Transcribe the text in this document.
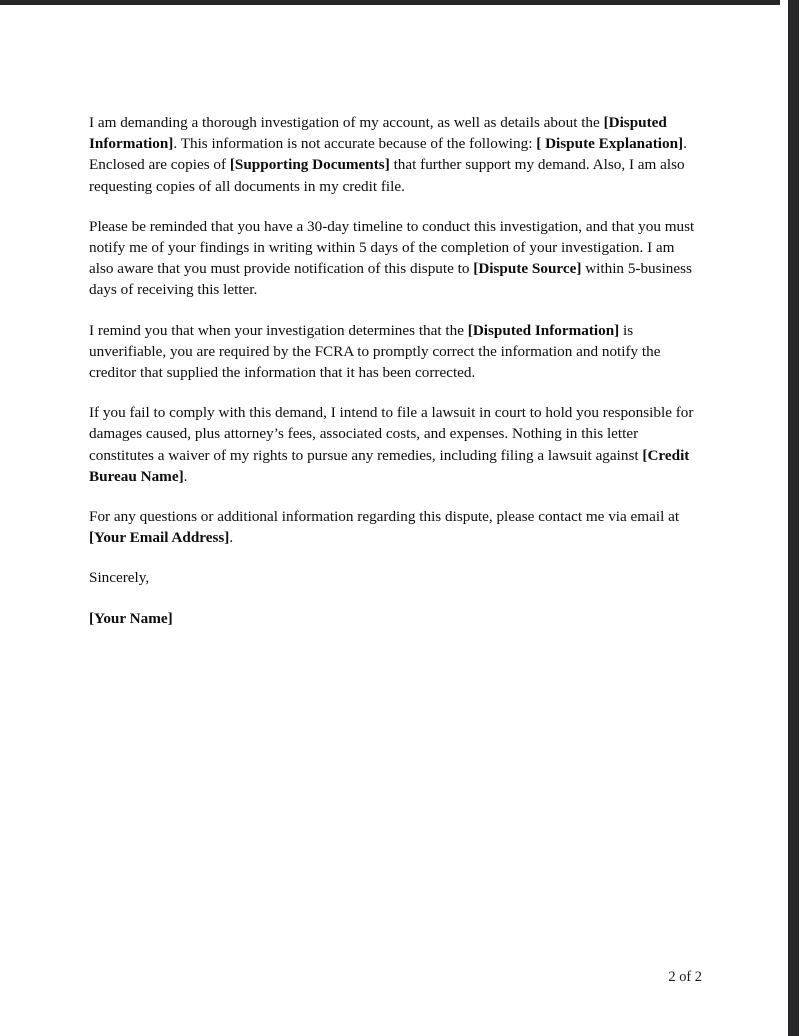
I am demanding a thorough investigation of my account, as well as details about the [Disputed Information]. This information is not accurate because of the following: [ Dispute Explanation]. Enclosed are copies of [Supporting Documents] that further support my demand. Also, I am also requesting copies of all documents in my credit file.

Please be reminded that you have a 30-day timeline to conduct this investigation, and that you must notify me of your findings in writing within 5 days of the completion of your investigation. I am also aware that you must provide notification of this dispute to [Dispute Source] within 5-business days of receiving this letter.

I remind you that when your investigation determines that the [Disputed Information] is unverifiable, you are required by the FCRA to promptly correct the information and notify the creditor that supplied the information that it has been corrected.

If you fail to comply with this demand, I intend to file a lawsuit in court to hold you responsible for damages caused, plus attorney’s fees, associated costs, and expenses. Nothing in this letter constitutes a waiver of my rights to pursue any remedies, including filing a lawsuit against [Credit Bureau Name].

For any questions or additional information regarding this dispute, please contact me via email at [Your Email Address].

Sincerely,

[Your Name]

2 of 2
